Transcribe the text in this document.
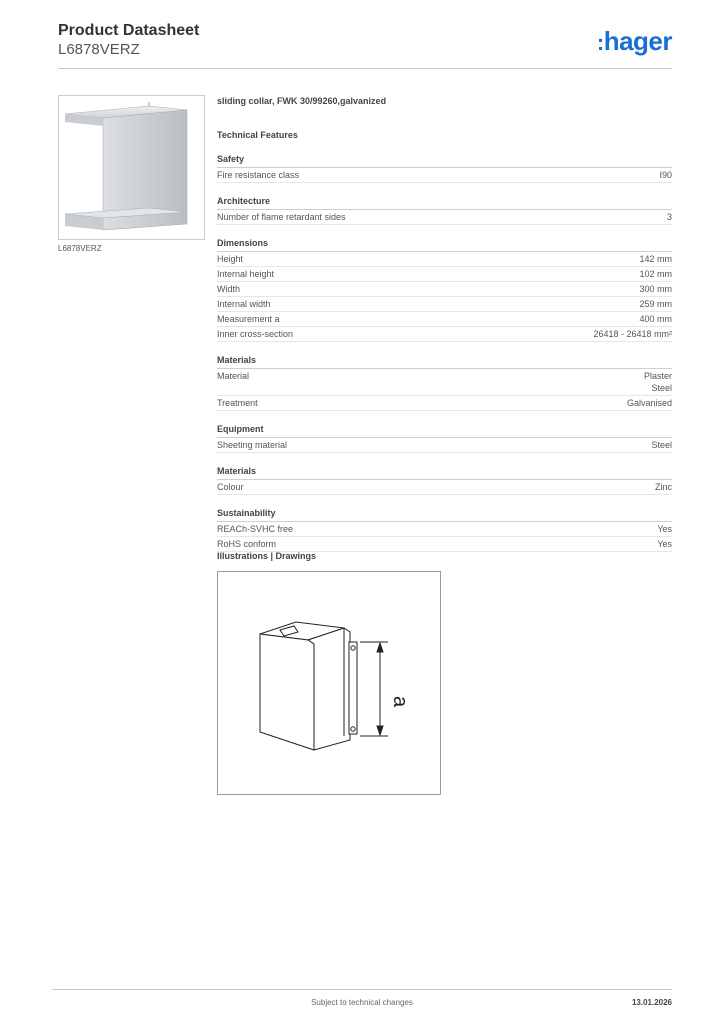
Product Datasheet
L6878VERZ	:hager
L6878VERZ

sliding collar, FWK 30/99260,galvanized

Technical Features
Safety
Fire resistance class	I90
Architecture
Number of flame retardant sides	3
Dimensions
Height	142 mm
Internal height	102 mm
Width	300 mm
Internal width	259 mm
Measurement a	400 mm
Inner cross-section	26418 - 26418 mm²
Materials
Material	Plaster
Steel
Treatment	Galvanised
Equipment
Sheeting material	Steel
Materials
Colour	Zinc
Sustainability
REACh-SVHC free	Yes
RoHS conform	Yes
Illustrations | Drawings
a
Subject to technical changes	13.01.2026
